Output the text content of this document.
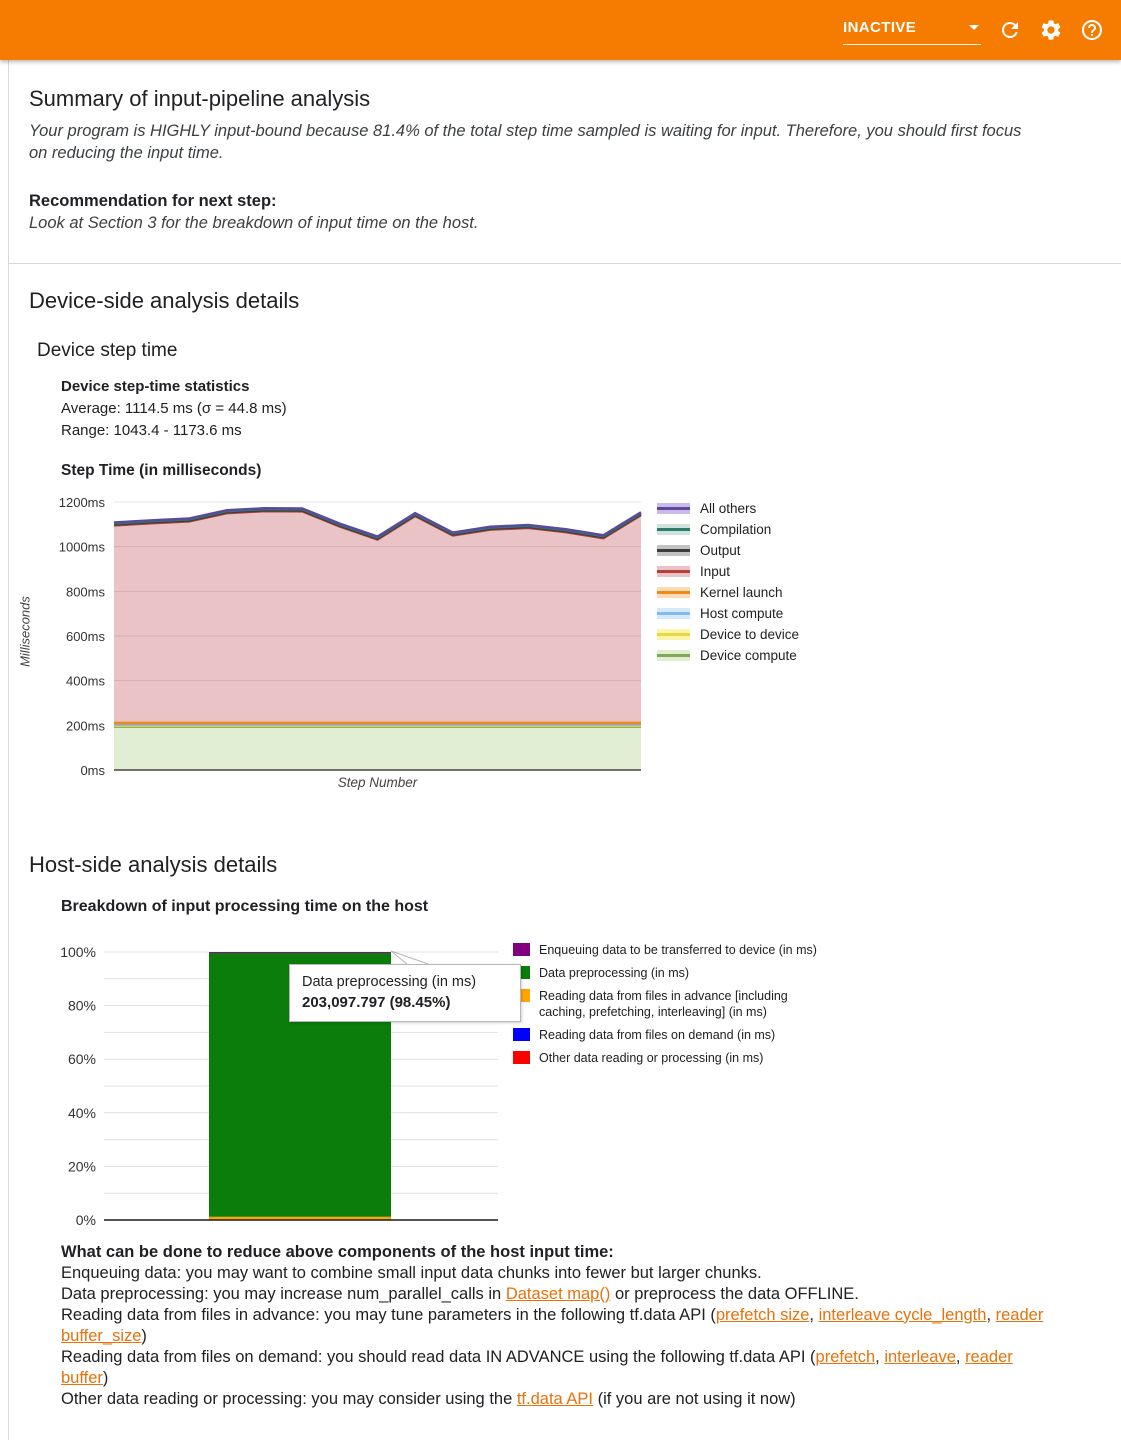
INACTIVE
Summary of input-pipeline analysis

Your program is HIGHLY input-bound because 81.4% of the total step time sampled is waiting for input. Therefore, you should first focus on reducing the input time.

Recommendation for next step:

Look at Section 3 for the breakdown of input time on the host.

Device-side analysis details
Device step time
Device step-time statistics
Average: 1114.5 ms (σ = 44.8 ms)
Range: 1043.4 - 1173.6 ms
Step Time (in milliseconds)
Milliseconds
0ms
200ms
400ms
600ms
800ms
1000ms
1200ms
Step Number
All others
Compilation
Output
Input
Kernel launch
Host compute
Device to device
Device compute
Host-side analysis details
Breakdown of input processing time on the host
0%
20%
40%
60%
80%
100%	Enqueuing data to be transferred to device (in ms)
Data preprocessing (in ms)
Reading data from files in advance [including caching, prefetching, interleaving] (in ms)
Reading data from files on demand (in ms)
Other data reading or processing (in ms)
Data preprocessing (in ms)
203,097.797 (98.45%)
What can be done to reduce above components of the host input time:
Enqueuing data: you may want to combine small input data chunks into fewer but larger chunks.
Data preprocessing: you may increase num_parallel_calls in Dataset map() or preprocess the data OFFLINE.
Reading data from files in advance: you may tune parameters in the following tf.data API (prefetch size, interleave cycle_length, reader buffer_size)
Reading data from files on demand: you should read data IN ADVANCE using the following tf.data API (prefetch, interleave, reader buffer)
Other data reading or processing: you may consider using the tf.data API (if you are not using it now)
